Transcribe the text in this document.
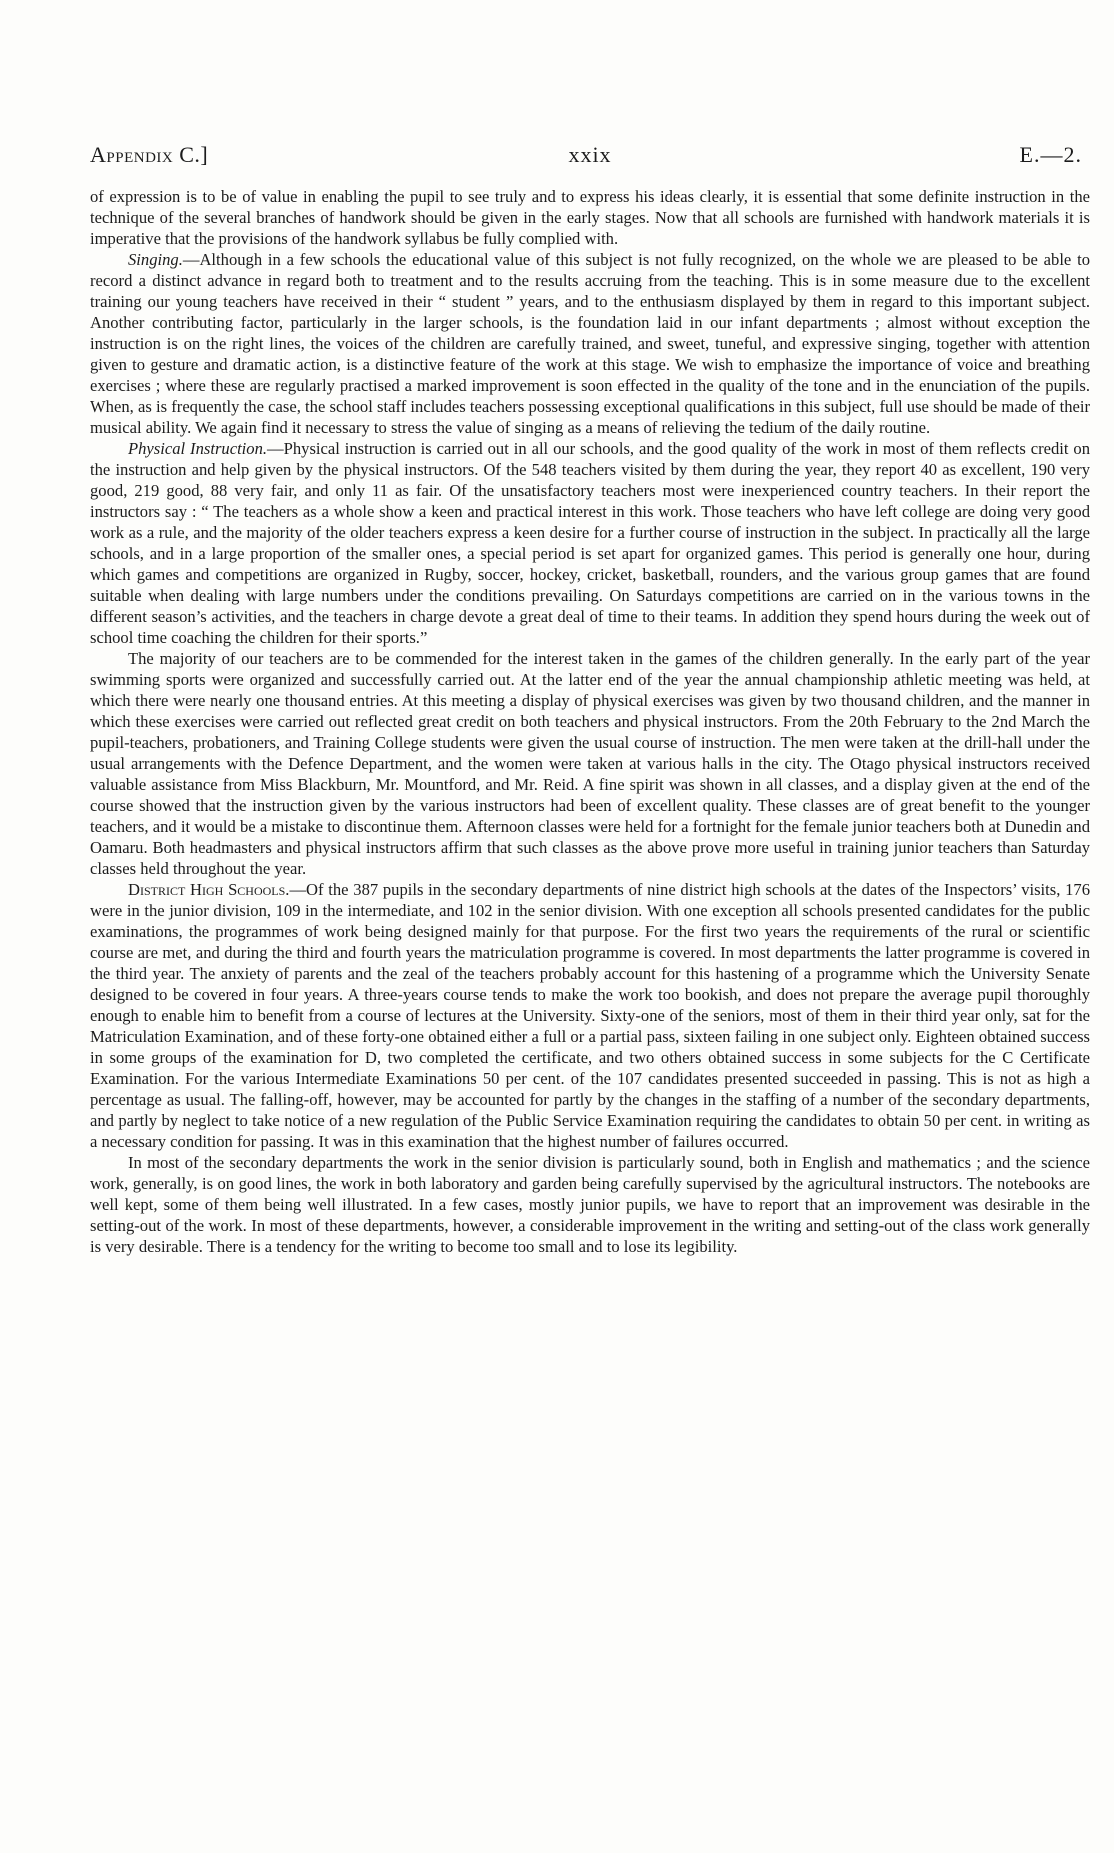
Appendix C.]	xxix	E.—2.

of expression is to be of value in enabling the pupil to see truly and to express his ideas clearly, it is essential that some definite instruction in the technique of the several branches of handwork should be given in the early stages. Now that all schools are furnished with handwork materials it is imperative that the provisions of the handwork syllabus be fully complied with.

Singing.—Although in a few schools the educational value of this subject is not fully recognized, on the whole we are pleased to be able to record a distinct advance in regard both to treatment and to the results accruing from the teaching. This is in some measure due to the excellent training our young teachers have received in their “ student ” years, and to the enthusiasm displayed by them in regard to this important subject. Another contributing factor, particularly in the larger schools, is the foundation laid in our infant departments ; almost without exception the instruction is on the right lines, the voices of the children are carefully trained, and sweet, tuneful, and expressive singing, together with attention given to gesture and dramatic action, is a distinctive feature of the work at this stage. We wish to emphasize the importance of voice and breathing exercises ; where these are regularly practised a marked improvement is soon effected in the quality of the tone and in the enunciation of the pupils. When, as is frequently the case, the school staff includes teachers possessing exceptional qualifications in this subject, full use should be made of their musical ability. We again find it necessary to stress the value of singing as a means of relieving the tedium of the daily routine.

Physical Instruction.—Physical instruction is carried out in all our schools, and the good quality of the work in most of them reflects credit on the instruction and help given by the physical instructors. Of the 548 teachers visited by them during the year, they report 40 as excellent, 190 very good, 219 good, 88 very fair, and only 11 as fair. Of the unsatisfactory teachers most were inexperienced country teachers. In their report the instructors say : “ The teachers as a whole show a keen and practical interest in this work. Those teachers who have left college are doing very good work as a rule, and the majority of the older teachers express a keen desire for a further course of instruction in the subject. In practically all the large schools, and in a large proportion of the smaller ones, a special period is set apart for organized games. This period is generally one hour, during which games and competitions are organized in Rugby, soccer, hockey, cricket, basketball, rounders, and the various group games that are found suitable when dealing with large numbers under the conditions prevailing. On Saturdays competitions are carried on in the various towns in the different season’s activities, and the teachers in charge devote a great deal of time to their teams. In addition they spend hours during the week out of school time coaching the children for their sports.”

The majority of our teachers are to be commended for the interest taken in the games of the children generally. In the early part of the year swimming sports were organized and successfully carried out. At the latter end of the year the annual championship athletic meeting was held, at which there were nearly one thousand entries. At this meeting a display of physical exercises was given by two thousand children, and the manner in which these exercises were carried out reflected great credit on both teachers and physical instructors. From the 20th February to the 2nd March the pupil-teachers, probationers, and Training College students were given the usual course of instruction. The men were taken at the drill-hall under the usual arrangements with the Defence Department, and the women were taken at various halls in the city. The Otago physical instructors received valuable assistance from Miss Blackburn, Mr. Mountford, and Mr. Reid. A fine spirit was shown in all classes, and a display given at the end of the course showed that the instruction given by the various instructors had been of excellent quality. These classes are of great benefit to the younger teachers, and it would be a mistake to discontinue them. Afternoon classes were held for a fortnight for the female junior teachers both at Dunedin and Oamaru. Both headmasters and physical instructors affirm that such classes as the above prove more useful in training junior teachers than Saturday classes held throughout the year.

District High Schools.—Of the 387 pupils in the secondary departments of nine district high schools at the dates of the Inspectors’ visits, 176 were in the junior division, 109 in the intermediate, and 102 in the senior division. With one exception all schools presented candidates for the public examinations, the programmes of work being designed mainly for that purpose. For the first two years the requirements of the rural or scientific course are met, and during the third and fourth years the matriculation programme is covered. In most departments the latter programme is covered in the third year. The anxiety of parents and the zeal of the teachers probably account for this hastening of a programme which the University Senate designed to be covered in four years. A three-years course tends to make the work too bookish, and does not prepare the average pupil thoroughly enough to enable him to benefit from a course of lectures at the University. Sixty-one of the seniors, most of them in their third year only, sat for the Matriculation Examination, and of these forty-one obtained either a full or a partial pass, sixteen failing in one subject only. Eighteen obtained success in some groups of the examination for D, two completed the certificate, and two others obtained success in some subjects for the C Certificate Examination. For the various Intermediate Examinations 50 per cent. of the 107 candidates presented succeeded in passing. This is not as high a percentage as usual. The falling-off, however, may be accounted for partly by the changes in the staffing of a number of the secondary departments, and partly by neglect to take notice of a new regulation of the Public Service Examination requiring the candidates to obtain 50 per cent. in writing as a necessary condition for passing. It was in this examination that the highest number of failures occurred.

In most of the secondary departments the work in the senior division is particularly sound, both in English and mathematics ; and the science work, generally, is on good lines, the work in both laboratory and garden being carefully supervised by the agricultural instructors. The notebooks are well kept, some of them being well illustrated. In a few cases, mostly junior pupils, we have to report that an improvement was desirable in the setting-out of the work. In most of these departments, however, a considerable improvement in the writing and setting-out of the class work generally is very desirable. There is a tendency for the writing to become too small and to lose its legibility.
